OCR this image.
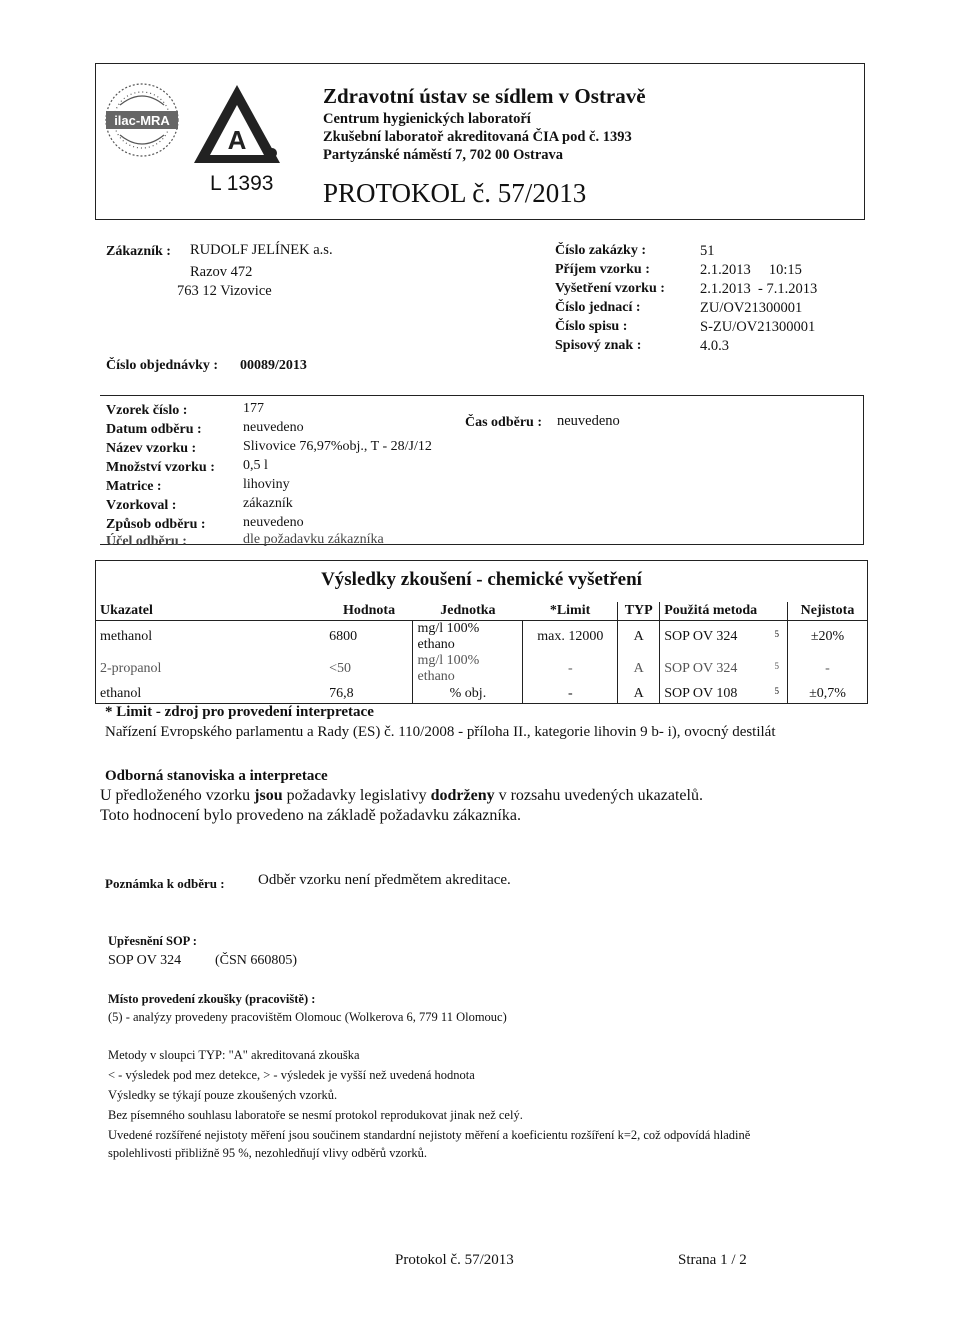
ilac-MRA
A
L 1393
Zdravotní ústav se sídlem v Ostravě
Centrum hygienických laboratoří
Zkušební laboratoř akreditovaná ČIA pod č. 1393
Partyzánské náměstí 7, 702 00 Ostrava
PROTOKOL č. 57/2013
Zákazník : RUDOLF JELÍNEK a.s.
Razov 472
763 12 Vizovice
Číslo objednávky : 00089/2013
Číslo zakázky :	51
Příjem vzorku :	2.1.2013     10:15
Vyšetření vzorku : 2.1.2013  - 7.1.2013
Číslo jednací :	ZU/OV21300001
Číslo spisu :	S-ZU/OV21300001
Spisový znak :	4.0.3
Vzorek číslo :	177
Datum odběru :	neuvedeno
Název vzorku :	Slivovice 76,97%obj., T - 28/J/12
Množství vzorku : 0,5 l
Matrice :	lihoviny
Vzorkoval :	zákazník
Způsob odběru :	neuvedeno
Účel odběru :	dle požadavku zákazníka
Čas odběru : neuvedeno
Výsledky zkoušení - chemické vyšetření
Ukazatel	Hodnota	Jednotka	*Limit	TYP	Použitá metoda	Nejistota
methanol	6800	mg/l 100% ethano	max. 12000	A	SOP OV 324 5	±20%
2-propanol	<50	mg/l 100% ethano	-	A	SOP OV 324 5	-
ethanol	76,8	% obj.	-	A	SOP OV 108 5	±0,7%
* Limit - zdroj pro provedení interpretace
Nařízení Evropského parlamentu a Rady (ES) č. 110/2008 - příloha II., kategorie lihovin 9 b- i), ovocný destilát
Odborná stanoviska a interpretace
U předloženého vzorku jsou požadavky legislativy dodrženy v rozsahu uvedených ukazatelů.
Toto hodnocení bylo provedeno na základě požadavku zákazníka.
Poznámka k odběru : Odběr vzorku není předmětem akreditace.
Upřesnění SOP :
SOP OV 324 (ČSN 660805)
Místo provedení zkoušky (pracoviště) :
(5) - analýzy provedeny pracovištěm Olomouc (Wolkerova 6, 779 11 Olomouc)
Metody v sloupci TYP: "A" akreditovaná zkouška
< - výsledek pod mez detekce, > - výsledek je vyšší než uvedená hodnota
Výsledky se týkají pouze zkoušených vzorků.
Bez písemného souhlasu laboratoře se nesmí protokol reprodukovat jinak než celý.
Uvedené rozšířené nejistoty měření jsou součinem standardní nejistoty měření a koeficientu rozšíření k=2, což odpovídá hladině
spolehlivosti přibližně 95 %, nezohledňují vlivy odběrů vzorků.
Protokol č. 57/2013	Strana 1 / 2
